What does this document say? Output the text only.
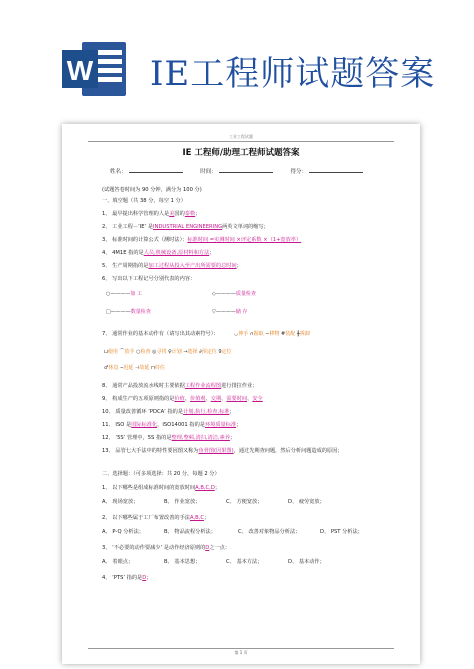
W IE工程师试题答案
工业工程试题
IE 工程师/助理工程师试题答案
姓名：	时间：	得分：
(试题答卷时间为 90 分钟，满分为 100 分)
一、填空题（共 38 分，每空 1 分）
1、 最早提出科学管理的人是美国的泰勒；
2、 工业工程－‘IE’ 是INDUSTRIAL ENGINEERING两英文单词的缩写；
3、 标准时间的计算公式（测时法）：标准时间 =实测时间 ×评定系数 ×（1+宽放率）
4、 4M1E 指的是人员,机械设备,原材料和方法；
5、 生产周期指的是加工过程从投入至产出所需要的总时间；
6、 写出以下工程记号分别代表的内容：
○————加 工	◇————质量检查
□————数量检查	▽————储 存
7、 通常作业的基本动作有（请写出其动素符号）：	◡伸手 ∩握取 ∽移物 #装配 ╫拆卸
⊔使用 ⌒放手 ○检查 ◎寻找 ♀计划 →选择 ∂预定位 9定位
♂休息 ⌣迟延 ⊣故延 ⊓持住
8、 通常产品投放流水线时主要依据工程作业流程图进行排拉作业；
9、 构成生产的五项原则指的是价值、价值观、交期、需要时间、安全
10、 质量改善循环 ‘PDCA’ 指的是计划,执行,检查,标准；
11、 ISO 是国际标准化，ISO14001 指的是环境质量标准；
12、 ‘5S’ 管理中，5S 指的是整理,整顿,清扫,清洁,素养；
13、 品管七大手法中的特性要因图又称为鱼骨图(因果图)，通过先期查问题，然后分析问题造成的原因；
二、选择题：（可多项选择：共 20 分，每题 2 分）
1、 以下哪些是组成标准时间的宽放时间A,B,C,D；
A、 现场宽放；	B、 作业宽放；	C、 方便宽放；	D、 疲劳宽放；
2、 以下哪些属于工厂布置改善的手法A,B,C；
A、 P-Q 分析法；	B、 物品流程分析法；	C、 改善对象物品分析法；	D、 PST 分析法；
3、 ‘不必要的动作要减少’ 是动作经济原则的D之一点：
A、 着眼点；	B、 基本思想；	C、 基本方法；	D、 基本动作；
4、 ‘PTS’ 指的是D；
第 1 页
